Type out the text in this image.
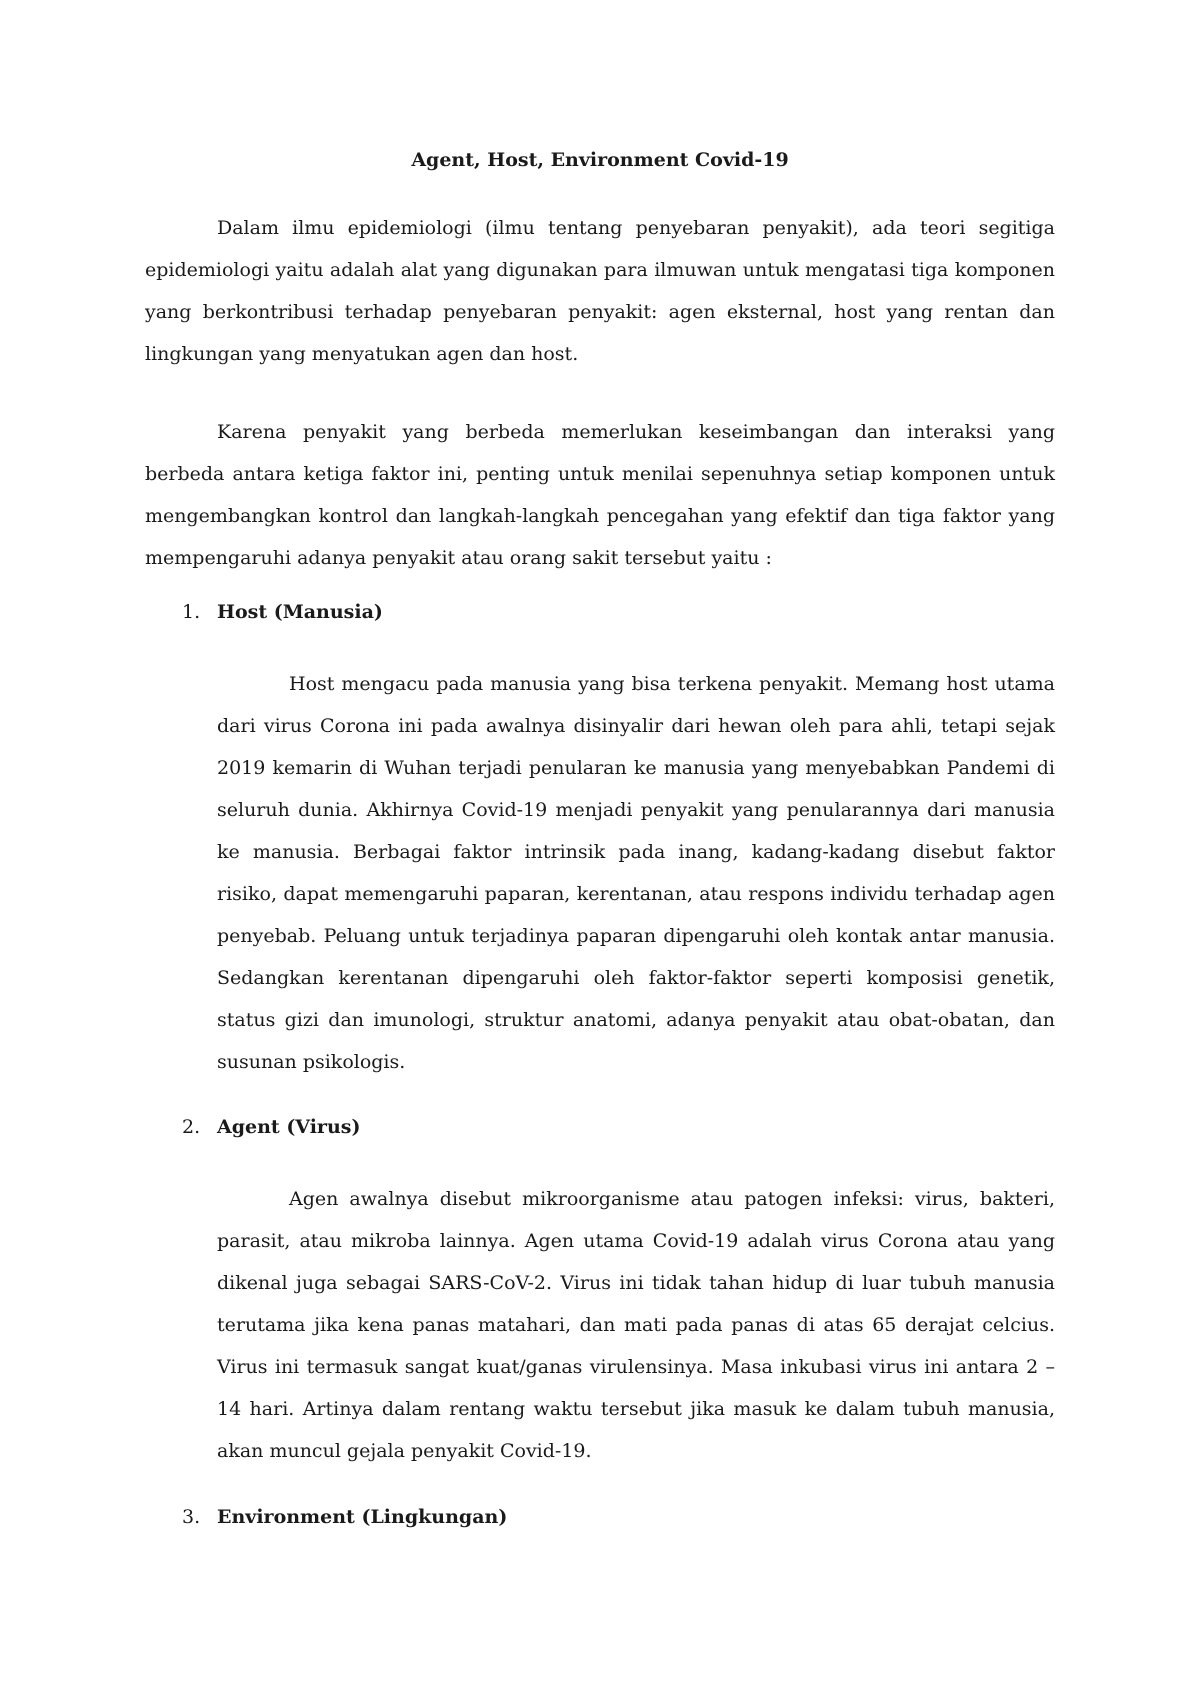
Agent, Host, Environment Covid-19

Dalam ilmu epidemiologi (ilmu tentang penyebaran penyakit), ada teori segitiga epidemiologi yaitu adalah alat yang digunakan para ilmuwan untuk mengatasi tiga komponen yang berkontribusi terhadap penyebaran penyakit: agen eksternal, host yang rentan dan lingkungan yang menyatukan agen dan host.

Karena penyakit yang berbeda memerlukan keseimbangan dan interaksi yang berbeda antara ketiga faktor ini, penting untuk menilai sepenuhnya setiap komponen untuk mengembangkan kontrol dan langkah-langkah pencegahan yang efektif dan tiga faktor yang mempengaruhi adanya penyakit atau orang sakit tersebut yaitu :

1. Host (Manusia)

Host mengacu pada manusia yang bisa terkena penyakit. Memang host utama dari virus Corona ini pada awalnya disinyalir dari hewan oleh para ahli, tetapi sejak 2019 kemarin di Wuhan terjadi penularan ke manusia yang menyebabkan Pandemi di seluruh dunia. Akhirnya Covid-19 menjadi penyakit yang penularannya dari manusia ke manusia. Berbagai faktor intrinsik pada inang, kadang-kadang disebut faktor risiko, dapat memengaruhi paparan, kerentanan, atau respons individu terhadap agen penyebab. Peluang untuk terjadinya paparan dipengaruhi oleh kontak antar manusia. Sedangkan kerentanan dipengaruhi oleh faktor-faktor seperti komposisi genetik, status gizi dan imunologi, struktur anatomi, adanya penyakit atau obat-obatan, dan susunan psikologis.

2. Agent (Virus)

Agen awalnya disebut mikroorganisme atau patogen infeksi: virus, bakteri, parasit, atau mikroba lainnya. Agen utama Covid-19 adalah virus Corona atau yang dikenal juga sebagai SARS-CoV-2. Virus ini tidak tahan hidup di luar tubuh manusia terutama jika kena panas matahari, dan mati pada panas di atas 65 derajat celcius. Virus ini termasuk sangat kuat/ganas virulensinya. Masa inkubasi virus ini antara 2 – 14 hari. Artinya dalam rentang waktu tersebut jika masuk ke dalam tubuh manusia, akan muncul gejala penyakit Covid-19.

3. Environment (Lingkungan)
